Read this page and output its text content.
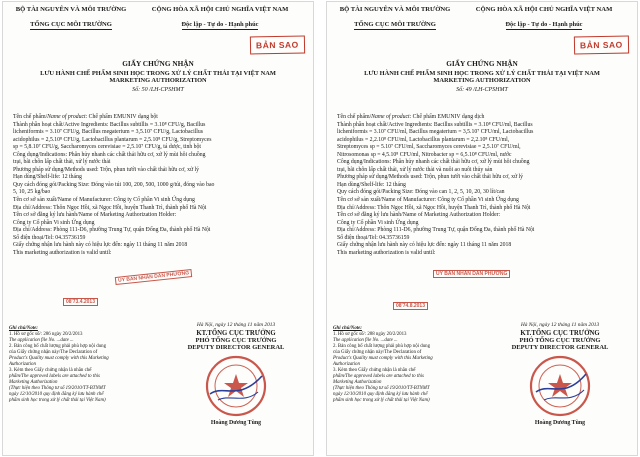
BỘ TÀI NGUYÊN VÀ MÔI TRƯỜNG
TỔNG CỤC MÔI TRƯỜNG
CỘNG HÒA XÃ HỘI CHỦ NGHĨA VIỆT NAM
Độc lập - Tự do - Hạnh phúc
BẢN SAO
GIẤY CHỨNG NHẬN
LƯU HÀNH CHẾ PHẨM SINH HỌC TRONG XỬ LÝ CHẤT THẢI TẠI VIỆT NAM
MARKETING AUTHORIZATION
Số: 50 /LH-CPSHMT
Tên chế phẩm/Name of product: Chế phẩm EMUNIV dạng bột
Thành phần hoạt chất/Active Ingredients: Bacillus subtillis = 3.10⁸ CFU/g, Bacillus
licheniformis = 3.10⁷ CFU/g, Bacillus megaterium = 3,5.10⁷ CFU/g, Lactobacillus
acidophilus = 2,5.10⁸ CFU/g, Lactobacillus plantarum = 2,5.10⁸ CFU/g, Streptomyces
sp = 5,8.10⁷ CFU/g, Saccharomyces cerevisiae = 2,5.10⁷ CFU/g, tá dược, tinh bột
Công dụng/Indications: Phân hủy nhanh các chất thải hữu cơ, xử lý mùi hôi chuồng
trại, bãi chôn lấp chất thải, xử lý nước thải
Phương pháp sử dụng/Methods used: Trộn, phun tưới vào chất thải hữu cơ, xử lý
Hạn dùng/Shelf-life: 12 tháng
Quy cách đóng gói/Packing Size: Đóng vào túi 100, 200, 500, 1000 g/túi, đóng vào bao
5, 10, 25 kg/bao
Tên cơ sở sản xuất/Name of Manufacturer: Công ty Cổ phần Vi sinh Ứng dụng
Địa chỉ/Address: Thôn Ngọc Hồi, xã Ngọc Hồi, huyện Thanh Trì, thành phố Hà Nội
Tên cơ sở đăng ký lưu hành/Name of Marketing Authorization Holder:
Công ty Cổ phần Vi sinh Ứng dụng
Địa chỉ/Address: Phòng 111-D6, phường Trung Tự, quận Đống Đa, thành phố Hà Nội
Số điện thoại/Tel: 04.35736159
Giấy chứng nhận lưu hành này có hiệu lực đến: ngày 11 tháng 11 năm 2018
This marketing authorization is valid until:
ỦY BAN NHÂN DÂN PHƯỜNG
08'73.4.2013
Ghi chú/Note:
1. Hồ sơ gốc số/: 286 ngày 20/2/2013
The application file No. ...date ...
2. Bản công bố chất lượng phải phù hợp nội dung
của Giấy chứng nhận này/The Declaration of
Product's Quality must comply with this Marketing
Authorization
3. Kèm theo Giấy chứng nhận là nhãn chế
phẩm/The approved labels are attached to this
Marketing Authorization
(Thực hiện theo Thông tư số 19/2010/TT-BTNMT
ngày 12/10/2010 quy định đăng ký lưu hành chế
phẩm sinh học trong xử lý chất thải tại Việt Nam)
Hà Nội, ngày 12 tháng 11 năm 2013
KT.TỔNG CỤC TRƯỞNG
PHÓ TỔNG CỤC TRƯỞNG
DEPUTY DIRECTOR GENERAL
Hoàng Dương Tùng
BỘ TÀI NGUYÊN VÀ MÔI TRƯỜNG
TỔNG CỤC MÔI TRƯỜNG
CỘNG HÒA XÃ HỘI CHỦ NGHĨA VIỆT NAM
Độc lập - Tự do - Hạnh phúc
BẢN SAO
GIẤY CHỨNG NHẬN
LƯU HÀNH CHẾ PHẨM SINH HỌC TRONG XỬ LÝ CHẤT THẢI TẠI VIỆT NAM
MARKETING AUTHORIZATION
Số: 49 /LH-CPSHMT
Tên chế phẩm/Name of product: Chế phẩm EMUNIV dạng dịch
Thành phần hoạt chất/Active Ingredients: Bacillus subtillis = 3.10⁸ CFU/ml, Bacillus
licheniformis = 3.10⁷ CFU/ml, Bacillus megaterium = 3,5.10⁷ CFU/ml, Lactobacillus
acidophilus = 2,2.10⁸ CFU/ml, Lactobacillus plantarum = 2,2.10⁸ CFU/ml,
Streptomyces sp = 5.10⁷ CFU/ml, Saccharomyces cerevisiae = 2,5.10⁷ CFU/ml,
Nitrosomonas sp = 4,5.10⁸ CFU/ml, Nitrobacter sp = 6,5.10⁸ CFU/ml, nước
Công dụng/Indications: Phân hủy nhanh các chất thải hữu cơ, xử lý mùi hôi chuồng
trại, bãi chôn lấp chất thải, xử lý nước thải và nuôi ao nuôi thủy sản
Phương pháp sử dụng/Methods used: Trộn, phun tưới vào chất thải hữu cơ, xử lý
Hạn dùng/Shelf-life: 12 tháng
Quy cách đóng gói/Packing Size: Đóng vào can 1, 2, 5, 10, 20, 30 lít/can
Tên cơ sở sản xuất/Name of Manufacturer: Công ty Cổ phần Vi sinh Ứng dụng
Địa chỉ/Address: Thôn Ngọc Hồi, xã Ngọc Hồi, huyện Thanh Trì, thành phố Hà Nội
Tên cơ sở đăng ký lưu hành/Name of Marketing Authorization Holder:
Công ty Cổ phần Vi sinh Ứng dụng
Địa chỉ/Address: Phòng 111-D6, phường Trung Tự, quận Đống Đa, thành phố Hà Nội
Số điện thoại/Tel: 04.35736159
Giấy chứng nhận lưu hành này có hiệu lực đến: ngày 11 tháng 11 năm 2018
This marketing authorization is valid until:
ỦY BAN NHÂN DÂN PHƯỜNG
08'74.8.2013
Ghi chú/Note:
1. Hồ sơ gốc số/: 288 ngày 20/2/2013
The application file No. ...date ...
2. Bản công bố chất lượng phải phù hợp nội dung
của Giấy chứng nhận này/The Declaration of
Product's Quality must comply with this Marketing
Authorization
3. Kèm theo Giấy chứng nhận là nhãn chế
phẩm/The approved labels are attached to this
Marketing Authorization
(Thực hiện theo Thông tư số 19/2010/TT-BTNMT
ngày 12/10/2010 quy định đăng ký lưu hành chế
phẩm sinh học trong xử lý chất thải tại Việt Nam)
Hà Nội, ngày 12 tháng 11 năm 2013
KT.TỔNG CỤC TRƯỞNG
PHÓ TỔNG CỤC TRƯỞNG
DEPUTY DIRECTOR GENERAL
Hoàng Dương Tùng
